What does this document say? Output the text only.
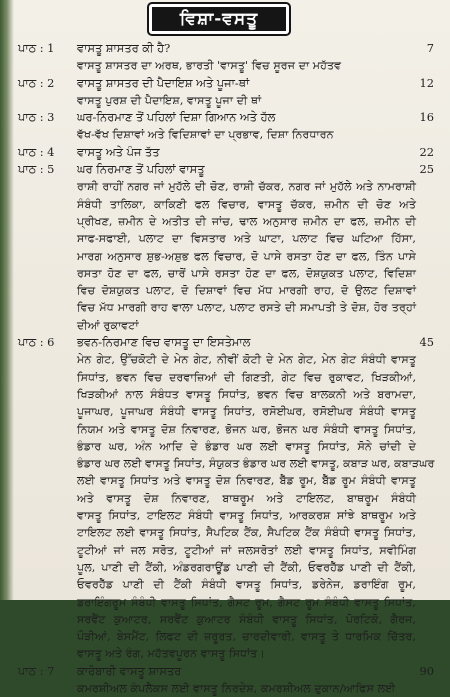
ਵਿਸ਼ਾ-ਵਸਤੂ
ਪਾਠ : 1 ਵਾਸਤੂ ਸ਼ਾਸਤਰ ਕੀ ਹੈ?	7
ਵਾਸਤੂ ਸ਼ਾਸਤਰ ਦਾ ਅਰਥ, ਭਾਰਤੀ 'ਵਾਸਤੂ' ਵਿਚ ਸੂਰਜ ਦਾ ਮਹੱਤਵ
ਪਾਠ : 2 ਵਾਸਤੂ ਸ਼ਾਸਤਰ ਦੀ ਪੈਦਾਇਸ਼ ਅਤੇ ਪੂਜਾ-ਥਾਂ	12
ਵਾਸਤੂ ਪੁਰਸ਼ ਦੀ ਪੈਦਾਇਸ਼, ਵਾਸਤੂ ਪੂਜਾ ਦੀ ਥਾਂ
ਪਾਠ : 3 ਘਰ-ਨਿਰਮਾਣ ਤੋਂ ਪਹਿਲਾਂ ਦਿਸ਼ਾ ਗਿਆਨ ਅਤੇ ਹੱਲ	16
ਵੱਖ-ਵੱਖ ਦਿਸ਼ਾਵਾਂ ਅਤੇ ਵਿਦਿਸ਼ਾਵਾਂ ਦਾ ਪ੍ਰਭਾਵ, ਦਿਸ਼ਾ ਨਿਰਧਾਰਨ
ਪਾਠ : 4 ਵਾਸਤੂ ਅਤੇ ਪੰਜ ਤੱਤ	22
ਪਾਠ : 5 ਘਰ ਨਿਰਮਾਣ ਤੋਂ ਪਹਿਲਾਂ ਵਾਸਤੂ	25
ਰਾਸ਼ੀ ਰਾਹੀਂ ਨਗਰ ਜਾਂ ਮੁਹੱਲੇ ਦੀ ਚੋਣ, ਰਾਸ਼ੀ ਚੱਕਰ, ਨਗਰ ਜਾਂ ਮੁਹੱਲੇ ਅਤੇ ਨਾਮਰਾਸ਼ੀ
ਸੰਬੰਧੀ ਤਾਲਿਕਾ, ਕਾਕਿਣੀ ਫਲ ਵਿਚਾਰ, ਵਾਸਤੂ ਚੱਕਰ, ਜ਼ਮੀਨ ਦੀ ਚੋਣ ਅਤੇ
ਪ੍ਰੀਖਣ, ਜ਼ਮੀਨ ਦੇ ਅਤੀਤ ਦੀ ਜਾਂਚ, ਢਾਲ ਅਨੁਸਾਰ ਜ਼ਮੀਨ ਦਾ ਫਲ, ਜ਼ਮੀਨ ਦੀ
ਸਾਫ-ਸਫਾਈ, ਪਲਾਟ ਦਾ ਵਿਸਤਾਰ ਅਤੇ ਘਾਟਾ, ਪਲਾਟ ਵਿਚ ਘਟਿਆ ਹਿੱਸਾ,
ਮਾਰਗ ਅਨੁਸਾਰ ਸ਼ੁਭ-ਅਸ਼ੁਭ ਫਲ ਵਿਚਾਰ, ਦੋ ਪਾਸੇ ਰਸਤਾ ਹੋਣ ਦਾ ਫਲ, ਤਿੰਨ ਪਾਸੇ
ਰਸਤਾ ਹੋਣ ਦਾ ਫਲ, ਚਾਰੋਂ ਪਾਸੇ ਰਸਤਾ ਹੋਣ ਦਾ ਫਲ, ਦੋਸ਼ਯੁਕਤ ਪਲਾਟ, ਵਿਦਿਸ਼ਾ
ਵਿਚ ਦੋਸ਼ਯੁਕਤ ਪਲਾਟ, ਦੋ ਦਿਸ਼ਾਵਾਂ ਵਿਚ ਮੱਧ ਮਾਰਗੀ ਰਾਹ, ਦੋ ਉਲਟ ਦਿਸ਼ਾਵਾਂ
ਵਿਚ ਮੱਧ ਮਾਰਗੀ ਰਾਹ ਵਾਲਾ ਪਲਾਟ, ਪਲਾਟ ਰਸਤੇ ਦੀ ਸਮਾਪਤੀ ਤੇ ਦੋਸ਼, ਹੋਰ ਤਰ੍ਹਾਂ
ਦੀਆਂ ਰੁਕਾਵਟਾਂ
ਪਾਠ : 6 ਭਵਨ-ਨਿਰਮਾਣ ਵਿਚ ਵਾਸਤੂ ਦਾ ਇਸਤੇਮਾਲ	45
ਮੇਨ ਗੇਟ, ਉੱਚਕੋਟੀ ਦੇ ਮੇਨ ਗੇਟ, ਨੀਵੀਂ ਕੋਟੀ ਦੇ ਮੇਨ ਗੇਟ, ਮੇਨ ਗੇਟ ਸੰਬੰਧੀ ਵਾਸਤੂ
ਸਿਧਾਂਤ, ਭਵਨ ਵਿਚ ਦਰਵਾਜ਼ਿਆਂ ਦੀ ਗਿਣਤੀ, ਗੇਟ ਵਿਚ ਰੁਕਾਵਟ, ਖਿੜਕੀਆਂ,
ਖਿੜਕੀਆਂ ਨਾਲ ਸੰਬੰਧਤ ਵਾਸਤੂ ਸਿਧਾਂਤ, ਭਵਨ ਵਿਚ ਬਾਲਕਨੀ ਅਤੇ ਬਰਾਮਦਾ,
ਪੂਜਾਘਰ, ਪੂਜਾਘਰ ਸੰਬੰਧੀ ਵਾਸਤੂ ਸਿਧਾਂਤ, ਰਸੋਈਘਰ, ਰਸੋਈਘਰ ਸੰਬੰਧੀ ਵਾਸਤੂ
ਨਿਯਮ ਅਤੇ ਵਾਸਤੂ ਦੋਸ਼ ਨਿਵਾਰਣ, ਭੋਜਨ ਘਰ, ਭੋਜਨ ਘਰ ਸੰਬੰਧੀ ਵਾਸਤੂ ਸਿਧਾਂਤ,
ਭੰਡਾਰ ਘਰ, ਅੰਨ ਆਦਿ ਦੇ ਭੰਡਾਰ ਘਰ ਲਈ ਵਾਸਤੂ ਸਿਧਾਂਤ, ਸੋਨੇ ਚਾਂਦੀ ਦੇ
ਭੰਡਾਰ ਘਰ ਲਈ ਵਾਸਤੂ ਸਿਧਾਂਤ, ਸੰਯੁਕਤ ਭੰਡਾਰ ਘਰ ਲਈ ਵਾਸਤੂ, ਕਬਾੜ ਘਰ, ਕਬਾੜਘਰ
ਲਈ ਵਾਸਤੂ ਸਿਧਾਂਤ ਅਤੇ ਵਾਸਤੂ ਦੋਸ਼ ਨਿਵਾਰਣ, ਬੈੱਡ ਰੂਮ, ਬੈੱਡ ਰੂਮ ਸੰਬੰਧੀ ਵਾਸਤੂ
ਅਤੇ ਵਾਸਤੂ ਦੋਸ਼ ਨਿਵਾਰਣ, ਬਾਥਰੂਮ ਅਤੇ ਟਾਇਲਟ, ਬਾਥਰੂਮ ਸੰਬੰਧੀ
ਵਾਸਤੂ ਸਿਧਾਂਤ, ਟਾਇਲਟ ਸੰਬੰਧੀ ਵਾਸਤੂ ਸਿਧਾਂਤ, ਆਰਕਰਸ਼ ਸਾਂਝੇ ਬਾਥਰੂਮ ਅਤੇ
ਟਾਇਲਟ ਲਈ ਵਾਸਤੂ ਸਿਧਾਂਤ, ਸੈਪਟਿਕ ਟੈਂਕ, ਸੈਪਟਿਕ ਟੈਂਕ ਸੰਬੰਧੀ ਵਾਸਤੂ ਸਿਧਾਂਤ,
ਟੂਟੀਆਂ ਜਾਂ ਜਲ ਸਰੋਤ, ਟੂਟੀਆਂ ਜਾਂ ਜਲਸਰੋਤਾਂ ਲਈ ਵਾਸਤੂ ਸਿਧਾਂਤ, ਸਵੀਮਿੰਗ
ਪੂਲ, ਪਾਣੀ ਦੀ ਟੈਂਕੀ, ਅੰਡਰਗਰਾਊਂਡ ਪਾਣੀ ਦੀ ਟੈਂਕੀ, ਓਵਰਹੈੱਡ ਪਾਣੀ ਦੀ ਟੈਂਕੀ,
ਓਵਰਹੈੱਡ ਪਾਣੀ ਦੀ ਟੈਂਕੀ ਸੰਬੰਧੀ ਵਾਸਤੂ ਸਿਧਾਂਤ, ਡਰੇਨੇਜ, ਡਰਾਇੰਗ ਰੂਮ,
ਡਰਾਇੰਗਰੂਮ ਸੰਬੰਧੀ ਵਾਸਤੂ ਸਿਧਾਂਤ, ਗੈਸਟ ਰੂਮ, ਗੈਸਟ ਰੂਮ ਸੰਬੰਧੀ ਵਾਸਤੂ ਸਿਧਾਂਤ,
ਸਰਵੈਂਟ ਕੁਆਟਰ, ਸਰਵੈਂਟ ਕੁਆਟਰ ਸੰਬੰਧੀ ਵਾਸਤੂ ਸਿਧਾਂਤ, ਪੋਰਟਿਕੋ, ਗੈਰਜ,
ਪੌੜੀਆਂ, ਬੇਸਮੈਂਟ, ਲਿਫਟ ਦੀ ਜ਼ਰੂਰਤ, ਚਾਰਦੀਵਾਰੀ, ਵਾਸਤੂ ਤੇ ਧਾਰਮਿਕ ਚਿੱਤਰ,
ਵਾਸਤੂ ਅਤੇ ਰੰਗ, ਮਹੱਤਵਪੂਰਨ ਵਾਸਤੂ ਸਿਧਾਂਤ।
ਪਾਠ : 7 ਕਾਰੋਬਾਰੀ ਵਾਸਤੂ ਸ਼ਾਸਤਰ	90
ਕਮਰਸ਼ੀਅਲ ਕੰਪਲੈਕਸ ਲਈ ਵਾਸਤੂ ਨਿਰਦੇਸ਼, ਕਮਰਸ਼ੀਅਲ ਦੁਕਾਨ/ਆਫਿਸ ਲਈ
